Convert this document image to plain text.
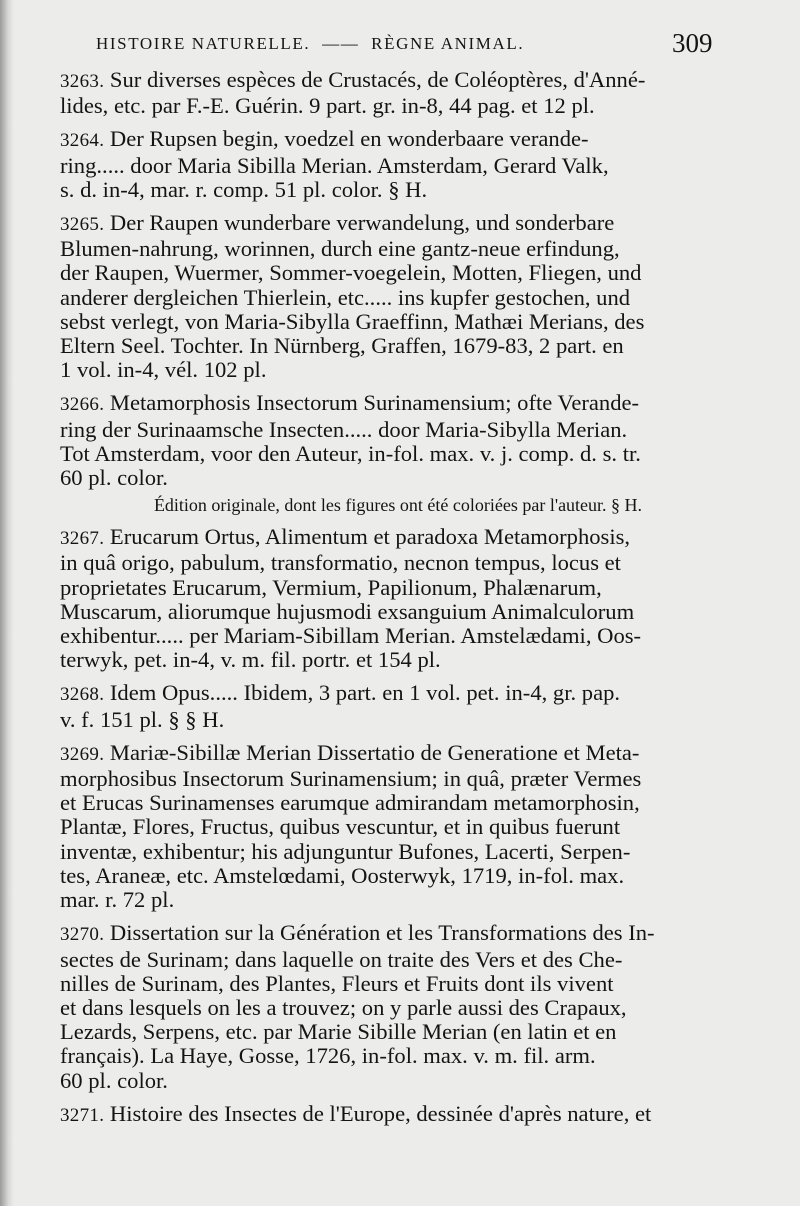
HISTOIRE NATURELLE. —— RÈGNE ANIMAL.	309
3263. Sur diverses espèces de Crustacés, de Coléoptères, d'Anné-
lides, etc. par F.-E. Guérin. 9 part. gr. in-8, 44 pag. et 12 pl.
3264. Der Rupsen begin, voedzel en wonderbaare verande-
ring..... door Maria Sibilla Merian. Amsterdam, Gerard Valk,
s. d. in-4, mar. r. comp. 51 pl. color. § H.
3265. Der Raupen wunderbare verwandelung, und sonderbare
Blumen-nahrung, worinnen, durch eine gantz-neue erfindung,
der Raupen, Wuermer, Sommer-voegelein, Motten, Fliegen, und
anderer dergleichen Thierlein, etc..... ins kupfer gestochen, und
sebst verlegt, von Maria-Sibylla Graeffinn, Mathæi Merians, des
Eltern Seel. Tochter. In Nürnberg, Graffen, 1679-83, 2 part. en
1 vol. in-4, vél. 102 pl.
3266. Metamorphosis Insectorum Surinamensium; ofte Verande-
ring der Surinaamsche Insecten..... door Maria-Sibylla Merian.
Tot Amsterdam, voor den Auteur, in-fol. max. v. j. comp. d. s. tr.
60 pl. color.
Édition originale, dont les figures ont été coloriées par l'auteur. § H.
3267. Erucarum Ortus, Alimentum et paradoxa Metamorphosis,
in quâ origo, pabulum, transformatio, necnon tempus, locus et
proprietates Erucarum, Vermium, Papilionum, Phalænarum,
Muscarum, aliorumque hujusmodi exsanguium Animalculorum
exhibentur..... per Mariam-Sibillam Merian. Amstelædami, Oos-
terwyk, pet. in-4, v. m. fil. portr. et 154 pl.
3268. Idem Opus..... Ibidem, 3 part. en 1 vol. pet. in-4, gr. pap.
v. f. 151 pl. § § H.
3269. Mariæ-Sibillæ Merian Dissertatio de Generatione et Meta-
morphosibus Insectorum Surinamensium; in quâ, præter Vermes
et Erucas Surinamenses earumque admirandam metamorphosin,
Plantæ, Flores, Fructus, quibus vescuntur, et in quibus fuerunt
inventæ, exhibentur; his adjunguntur Bufones, Lacerti, Serpen-
tes, Araneæ, etc. Amstelœdami, Oosterwyk, 1719, in-fol. max.
mar. r. 72 pl.
3270. Dissertation sur la Génération et les Transformations des In-
sectes de Surinam; dans laquelle on traite des Vers et des Che-
nilles de Surinam, des Plantes, Fleurs et Fruits dont ils vivent
et dans lesquels on les a trouvez; on y parle aussi des Crapaux,
Lezards, Serpens, etc. par Marie Sibille Merian (en latin et en
français). La Haye, Gosse, 1726, in-fol. max. v. m. fil. arm.
60 pl. color.
3271. Histoire des Insectes de l'Europe, dessinée d'après nature, et
